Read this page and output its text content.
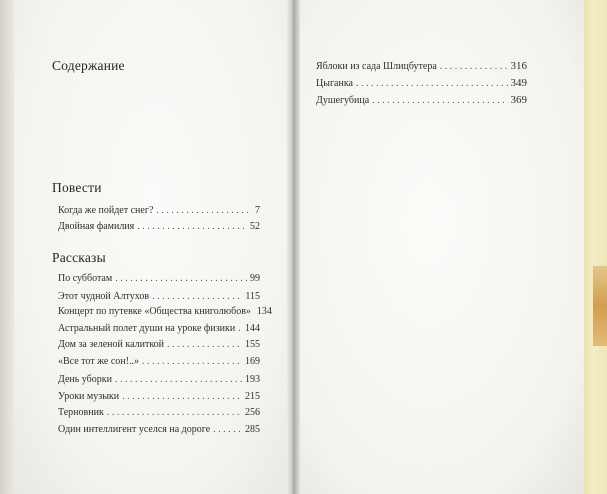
Содержание
Повести
Когда же пойдет снег? . . .	7
Двойная фамилия . . .	52
Рассказы
По субботам . . .	99
Этот чудной Алтухов . . .	115
Концерт по путевке «Общества книголюбов» 134
Астральный полет души на уроке физики . . . 144
Дом за зеленой калиткой . . .	155
«Все тот же сон!..» . . .	169
День уборки . . .	193
Уроки музыки . . .	215
Терновник . . .	256
Один интеллигент уселся на дороге . . .	285
Яблоки из сада Шлицбутера . . .	316
Цыганка . . .	349
Душегубица . . .	369
